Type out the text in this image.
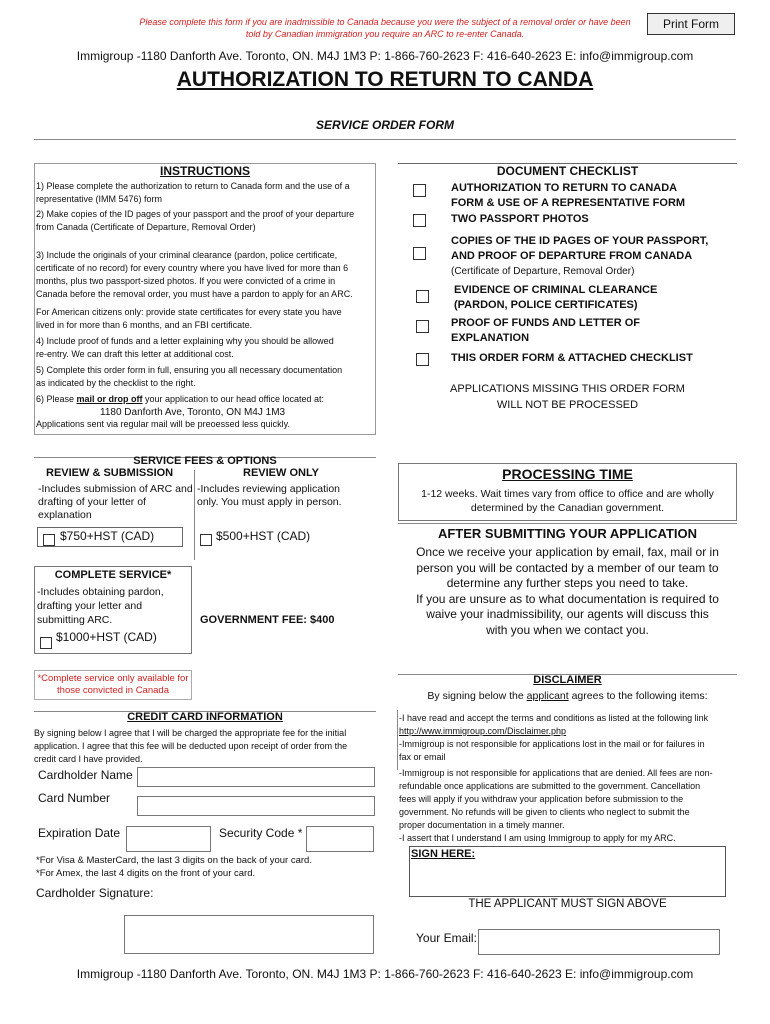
Please complete this form if you are inadmissible to Canada because you were the subject of a removal order or have been
told by Canadian immigration you require an ARC to re-enter Canada.
Print Form
Immigroup -1180 Danforth Ave. Toronto, ON. M4J 1M3 P: 1-866-760-2623 F: 416-640-2623 E: info@immigroup.com
AUTHORIZATION TO RETURN TO CANDA
SERVICE ORDER FORM
INSTRUCTIONS
1) Please complete the authorization to return to Canada form and the use of a
representative (IMM 5476) form
2) Make copies of the ID pages of your passport and the proof of your departure
from Canada (Certificate of Departure, Removal Order)
3) Include the originals of your criminal clearance (pardon, police certificate,
certificate of no record) for every country where you have lived for more than 6
months, plus two passport-sized photos. If you were convicted of a crime in
Canada before the removal order, you must have a pardon to apply for an ARC.
For American citizens only: provide state certificates for every state you have
lived in for more than 6 months, and an FBI certificate.
4) Include proof of funds and a letter explaining why you should be allowed
re-entry. We can draft this letter at additional cost.
5) Complete this order form in full, ensuring you all necessary documentation
as indicated by the checklist to the right.
6) Please mail or drop off your application to our head office located at:
1180 Danforth Ave, Toronto, ON M4J 1M3
Applications sent via regular mail will be preoessed less quickly.
DOCUMENT CHECKLIST
AUTHORIZATION TO RETURN TO CANADA
FORM & USE OF A REPRESENTATIVE FORM
TWO PASSPORT PHOTOS
COPIES OF THE ID PAGES OF YOUR PASSPORT,
AND PROOF OF DEPARTURE FROM CANADA
(Certificate of Departure, Removal Order)
EVIDENCE OF CRIMINAL CLEARANCE
(PARDON, POLICE CERTIFICATES)
PROOF OF FUNDS AND LETTER OF
EXPLANATION
THIS ORDER FORM & ATTACHED CHECKLIST
APPLICATIONS MISSING THIS ORDER FORM
WILL NOT BE PROCESSED
SERVICE FEES & OPTIONS
REVIEW & SUBMISSION
-Includes submission of ARC and
drafting of your letter of
explanation
$750+HST (CAD)
REVIEW ONLY
-Includes reviewing application
only. You must apply in person.
$500+HST (CAD)
COMPLETE SERVICE*
-Includes obtaining pardon,
drafting your letter and
submitting ARC.
$1000+HST (CAD)
GOVERNMENT FEE: $400
*Complete service only available for
those convicted in Canada
PROCESSING TIME
1-12 weeks. Wait times vary from office to office and are wholly
determined by the Canadian government.
AFTER SUBMITTING YOUR APPLICATION
Once we receive your application by email, fax, mail or in
person you will be contacted by a member of our team to
determine any further steps you need to take.
If you are unsure as to what documentation is required to
waive your inadmissibility, our agents will discuss this
with you when we contact you.
CREDIT CARD INFORMATION
By signing below I agree that I will be charged the appropriate fee for the initial
application. I agree that this fee will be deducted upon receipt of order from the
credit card I have provided.
Cardholder Name
Card Number
Expiration Date	Security Code *
*For Visa & MasterCard, the last 3 digits on the back of your card.
*For Amex, the last 4 digits on the front of your card.
Cardholder Signature:
DISCLAIMER
By signing below the applicant agrees to the following items:
-I have read and accept the terms and conditions as listed at the following link
http://www.immigroup.com/Disclaimer.php
-Immigroup is not responsible for applications lost in the mail or for failures in
fax or email
-Immigroup is not responsible for applications that are denied. All fees are non-
refundable once applications are submitted to the government. Cancellation
fees will apply if you withdraw your application before submission to the
government. No refunds will be given to clients who neglect to submit the
proper documentation in a timely manner.
-I assert that I understand I am using Immigroup to apply for my ARC.
SIGN HERE:
THE APPLICANT MUST SIGN ABOVE
Your Email:
Immigroup -1180 Danforth Ave. Toronto, ON. M4J 1M3 P: 1-866-760-2623 F: 416-640-2623 E: info@immigroup.com
